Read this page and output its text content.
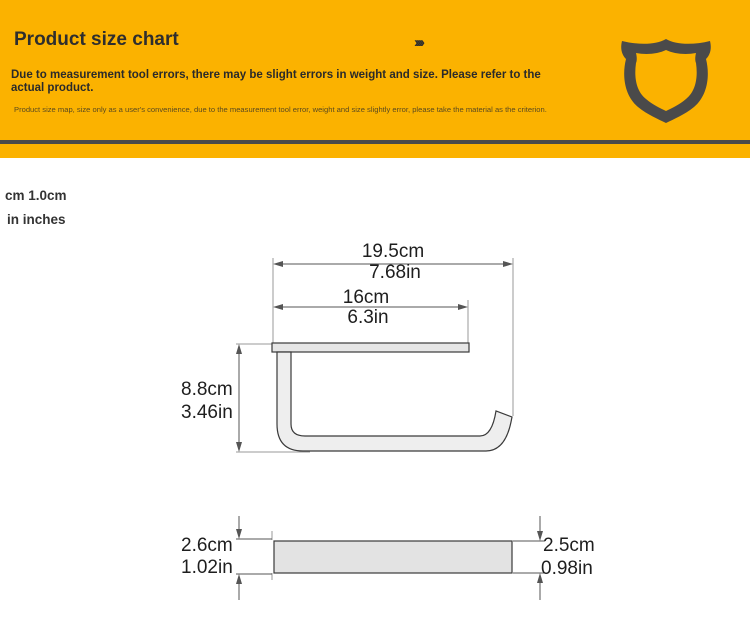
Product size chart	››››
Due to measurement tool errors, there may be slight errors in weight and size. Please refer to the actual product.
Product size map, size only as a user's convenience, due to the measurement tool error, weight and size slightly error, please take the material as the criterion.
cm 1.0cm
in inches
19.5cm
7.68in
16cm
6.3in
8.8cm
3.46in
2.6cm
1.02in
2.5cm
0.98in
